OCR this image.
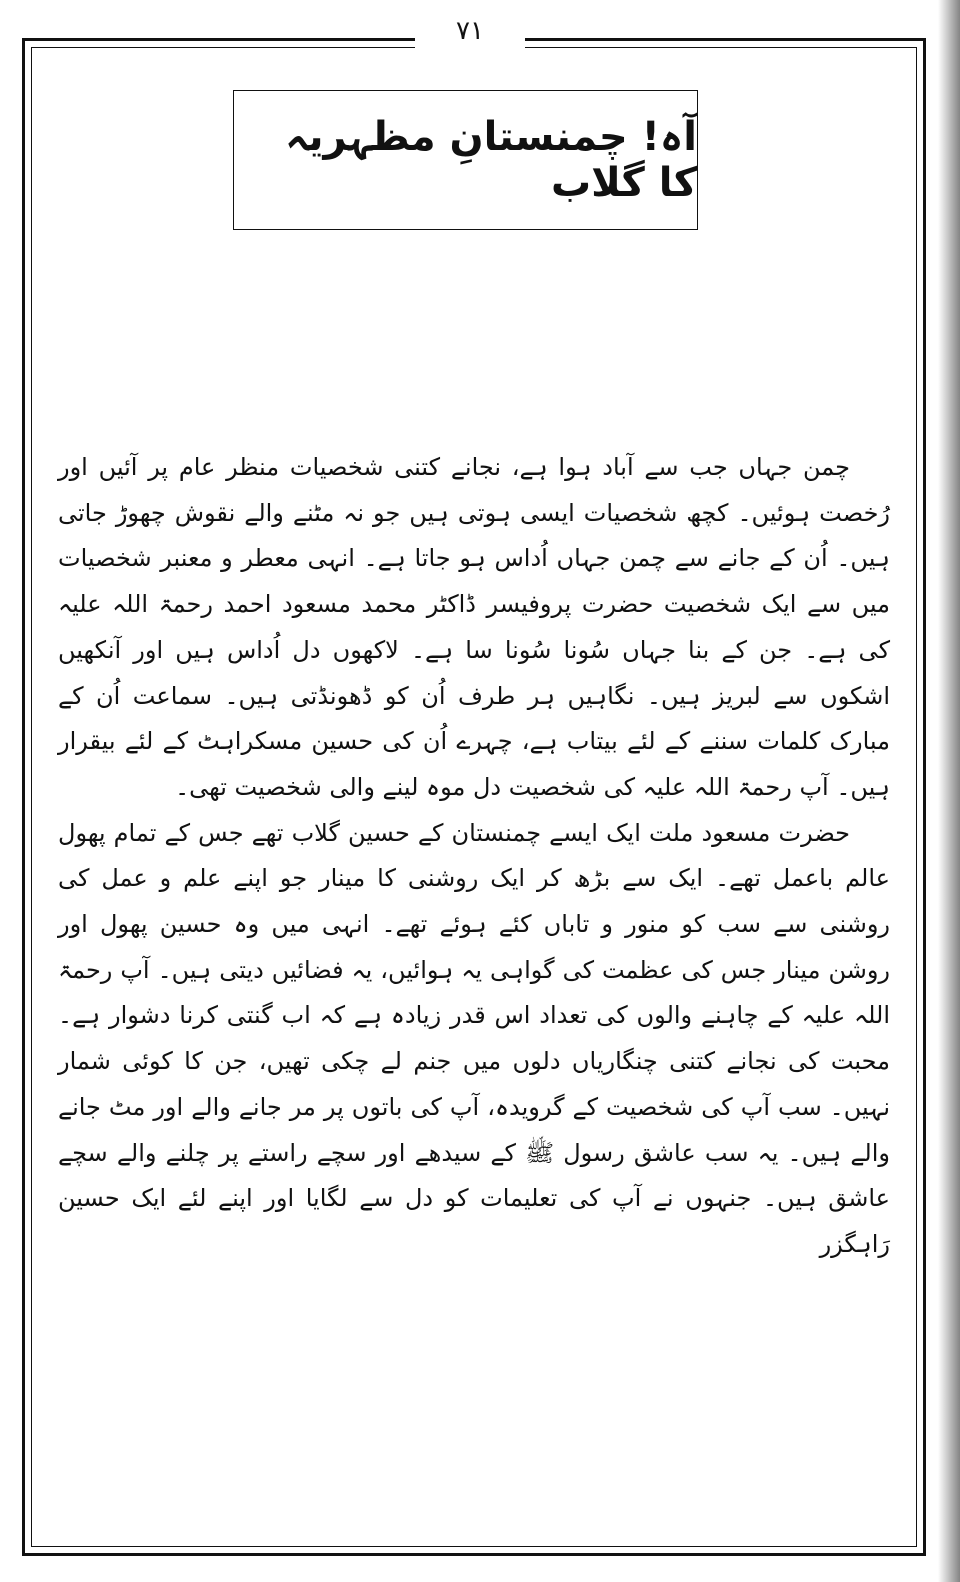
۷۱
آہ! چمنستانِ مظہریہ کا گلاب

چمن جہاں جب سے آباد ہوا ہے، نجانے کتنی شخصیات منظر عام پر آئیں اور رُخصت ہوئیں۔ کچھ شخصیات ایسی ہوتی ہیں جو نہ مٹنے والے نقوش چھوڑ جاتی ہیں۔ اُن کے جانے سے چمن جہاں اُداس ہو جاتا ہے۔ انہی معطر و معنبر شخصیات میں سے ایک شخصیت حضرت پروفیسر ڈاکٹر محمد مسعود احمد رحمۃ اللہ علیہ کی ہے۔ جن کے بنا جہاں سُونا سُونا سا ہے۔ لاکھوں دل اُداس ہیں اور آنکھیں اشکوں سے لبریز ہیں۔ نگاہیں ہر طرف اُن کو ڈھونڈتی ہیں۔ سماعت اُن کے مبارک کلمات سننے کے لئے بیتاب ہے، چہرے اُن کی حسین مسکراہٹ کے لئے بیقرار ہیں۔ آپ رحمۃ اللہ علیہ کی شخصیت دل موہ لینے والی شخصیت تھی۔

حضرت مسعود ملت ایک ایسے چمنستان کے حسین گلاب تھے جس کے تمام پھول عالم باعمل تھے۔ ایک سے بڑھ کر ایک روشنی کا مینار جو اپنے علم و عمل کی روشنی سے سب کو منور و تاباں کئے ہوئے تھے۔ انہی میں وہ حسین پھول اور روشن مینار جس کی عظمت کی گواہی یہ ہوائیں، یہ فضائیں دیتی ہیں۔ آپ رحمۃ اللہ علیہ کے چاہنے والوں کی تعداد اس قدر زیادہ ہے کہ اب گنتی کرنا دشوار ہے۔ محبت کی نجانے کتنی چنگاریاں دلوں میں جنم لے چکی تھیں، جن کا کوئی شمار نہیں۔ سب آپ کی شخصیت کے گرویدہ، آپ کی باتوں پر مر جانے والے اور مٹ جانے والے ہیں۔ یہ سب عاشق رسول ﷺ کے سیدھے اور سچے راستے پر چلنے والے سچے عاشق ہیں۔ جنہوں نے آپ کی تعلیمات کو دل سے لگایا اور اپنے لئے ایک حسین رَاہگزر
